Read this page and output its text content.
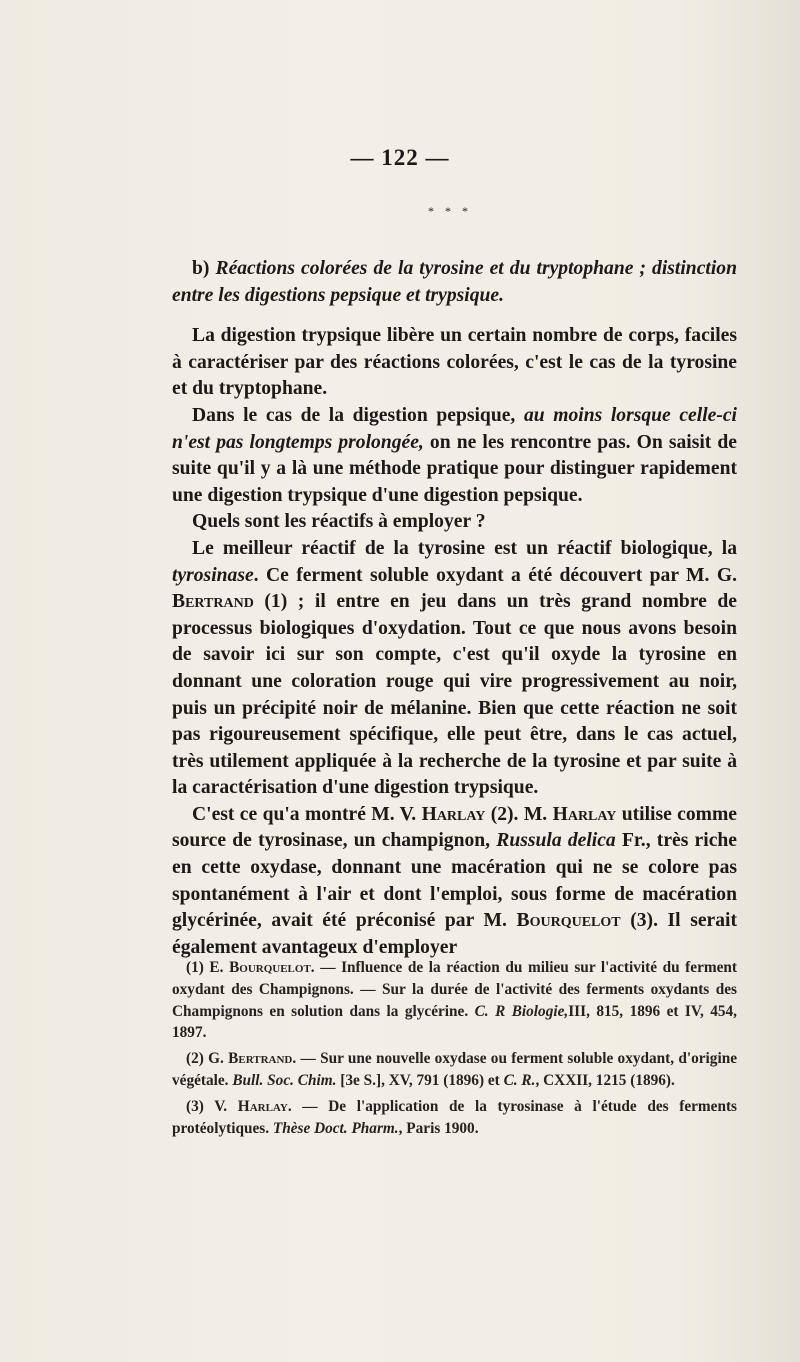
— 122 —
* * *

b) Réactions colorées de la tyrosine et du tryptophane ; distinction entre les digestions pepsique et trypsique.

La digestion trypsique libère un certain nombre de corps, faciles à caractériser par des réactions colorées, c'est le cas de la tyrosine et du tryptophane.

Dans le cas de la digestion pepsique, au moins lorsque celle-ci n'est pas longtemps prolongée, on ne les rencontre pas. On saisit de suite qu'il y a là une méthode pratique pour distinguer rapidement une digestion trypsique d'une digestion pepsique.

Quels sont les réactifs à employer ?

Le meilleur réactif de la tyrosine est un réactif biologique, la tyrosinase. Ce ferment soluble oxydant a été découvert par M. G. Bertrand (1) ; il entre en jeu dans un très grand nombre de processus biologiques d'oxydation. Tout ce que nous avons besoin de savoir ici sur son compte, c'est qu'il oxyde la tyrosine en donnant une coloration rouge qui vire progressivement au noir, puis un précipité noir de mélanine. Bien que cette réaction ne soit pas rigoureusement spécifique, elle peut être, dans le cas actuel, très utilement appliquée à la recherche de la tyrosine et par suite à la caractérisation d'une digestion trypsique.

C'est ce qu'a montré M. V. Harlay (2). M. Harlay utilise comme source de tyrosinase, un champignon, Russula delica Fr., très riche en cette oxydase, donnant une macération qui ne se colore pas spontanément à l'air et dont l'emploi, sous forme de macération glycérinée, avait été préconisé par M. Bourquelot (3). Il serait également avantageux d'employer

(1) E. Bourquelot. — Influence de la réaction du milieu sur l'activité du ferment oxydant des Champignons. — Sur la durée de l'activité des ferments oxydants des Champignons en solution dans la glycérine. C. R Biologie,III, 815, 1896 et IV, 454, 1897.

(2) G. Bertrand. — Sur une nouvelle oxydase ou ferment soluble oxydant, d'origine végétale. Bull. Soc. Chim. [3e S.], XV, 791 (1896) et C. R., CXXII, 1215 (1896).

(3) V. Harlay. — De l'application de la tyrosinase à l'étude des ferments protéolytiques. Thèse Doct. Pharm., Paris 1900.
